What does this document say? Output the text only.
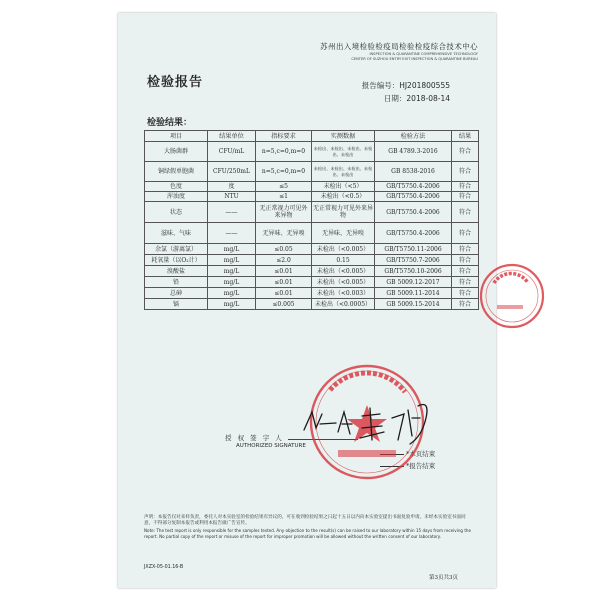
苏州出入境检验检疫局检验检疫综合技术中心
INSPECTION & QUARANTINE COMPREHENSIVE TECHNOLOGY
CENTER OF SUZHOU ENTRY EXIT INSPECTION & QUARANTINE BUREAU
检验报告	报告编号：HJ201800555
日期：2018-08-14
检验结果：
项目	结果单位	指标要求	实测数据	检验方法	结果
大肠菌群	CFU/mL	n=5,c=0,m=0	未检出、未检出、未检出、未检出、未检出	GB 4789.3-2016	符合
铜绿假单胞菌	CFU/250mL	n=5,c=0,m=0	未检出、未检出、未检出、未检出、未检出	GB 8538-2016	符合
色度	度	≤5	未检出（<5）	GB/T5750.4-2006	符合
浑浊度	NTU	≤1	未检出（<0.5）	GB/T5750.4-2006	符合
状态	——	无正常视力可见外来异物	无正常视力可见外来异物	GB/T5750.4-2006	符合
滋味、气味	——	无异味、无异嗅	无异味、无异嗅	GB/T5750.4-2006	符合
余氯（游离氯）	mg/L	≤0.05	未检出（<0.005）	GB/T5750.11-2006	符合
耗氧量（以O₂计）	mg/L	≤2.0	0.15	GB/T5750.7-2006	符合
溴酸盐	mg/L	≤0.01	未检出（<0.005）	GB/T5750.10-2006	符合
铅	mg/L	≤0.01	未检出（<0.005）	GB 5009.12-2017	符合
总砷	mg/L	≤0.01	未检出（<0.003）	GB 5009.11-2014	符合
镉	mg/L	≤0.005	未检出（<0.0005）	GB 5009.15-2014	符合
授 权 签 字 人
AUTHORIZED SIGNATURE
*本页结束
*报告结束
声明：本报告仅对来样负责，委托人对本实验室的检验结果有异议的，可在收到检验结果之日起十五日以内向本实验室提出书面复验申请。未经本实验室书面同意，不得部分复制本报告或利用本报告做广告宣传。
Note: The test report is only responsible for the samples tested. Any objection to the result(s) can be raised to our laboratory within 15 days from receiving the report. No partial copy of the report or misuse of the report for improper promotion will be allowed without the written consent of our laboratory.
JXZX-05-01.16-B
第3页共3页
